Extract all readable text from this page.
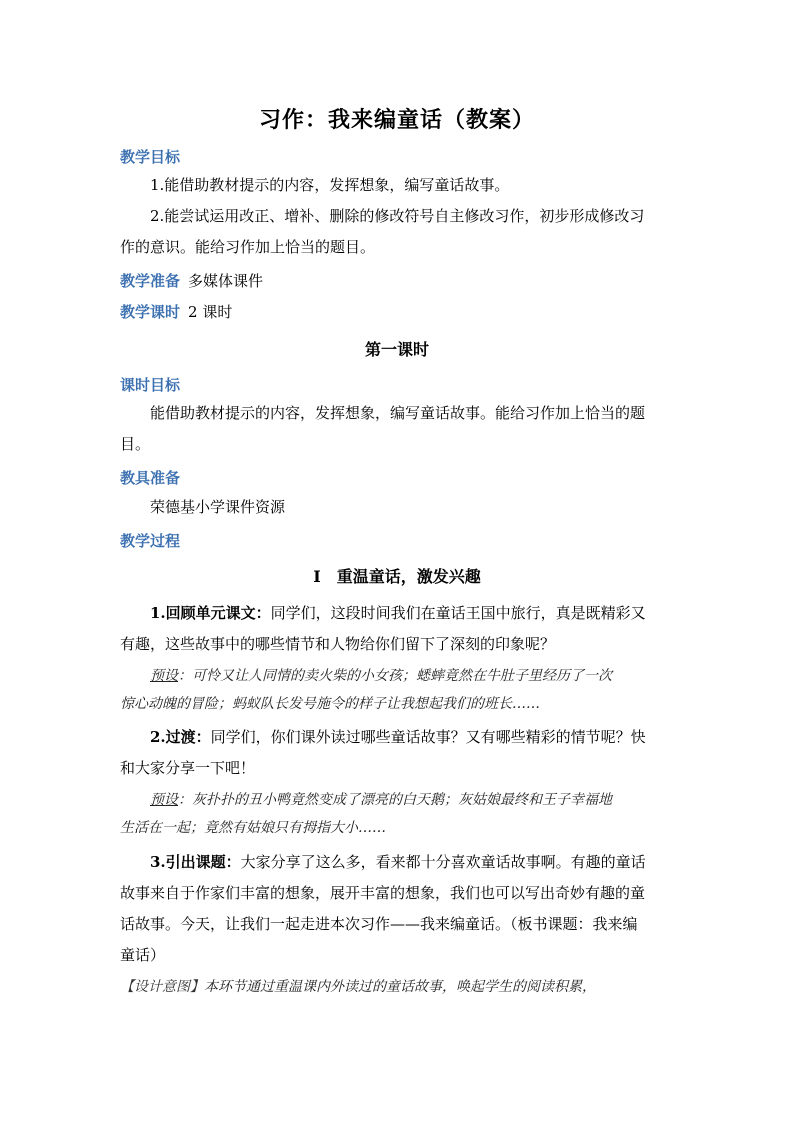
习作：我来编童话（教案）
教学目标
1.能借助教材提示的内容，发挥想象，编写童话故事。
2.能尝试运用改正、增补、删除的修改符号自主修改习作，初步形成修改习
作的意识。能给习作加上恰当的题目。
教学准备 多媒体课件
教学课时 2 课时
第一课时
课时目标
能借助教材提示的内容，发挥想象，编写童话故事。能给习作加上恰当的题
目。
教具准备
荣德基小学课件资源
教学过程
Ⅰ　重温童话，激发兴趣
1.回顾单元课文：同学们，这段时间我们在童话王国中旅行，真是既精彩又
有趣，这些故事中的哪些情节和人物给你们留下了深刻的印象呢？
预设：可怜又让人同情的卖火柴的小女孩；蟋蟀竟然在牛肚子里经历了一次
惊心动魄的冒险；蚂蚁队长发号施令的样子让我想起我们的班长……
2.过渡：同学们，你们课外读过哪些童话故事？又有哪些精彩的情节呢？快
和大家分享一下吧！
预设：灰扑扑的丑小鸭竟然变成了漂亮的白天鹅；灰姑娘最终和王子幸福地
生活在一起；竟然有姑娘只有拇指大小……
3.引出课题：大家分享了这么多，看来都十分喜欢童话故事啊。有趣的童话
故事来自于作家们丰富的想象，展开丰富的想象，我们也可以写出奇妙有趣的童
话故事。今天，让我们一起走进本次习作——我来编童话。（板书课题：我来编
童话）
【设计意图】本环节通过重温课内外读过的童话故事，唤起学生的阅读积累，
